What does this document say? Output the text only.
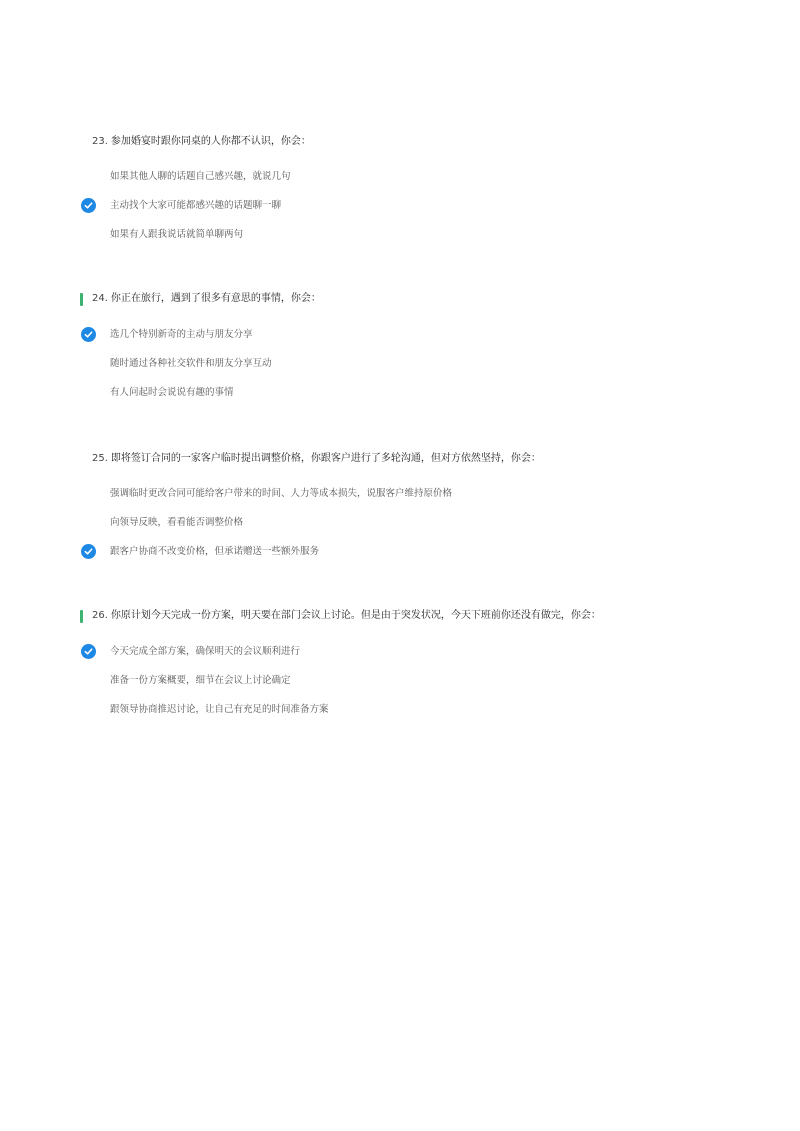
23. 参加婚宴时跟你同桌的人你都不认识，你会：
如果其他人聊的话题自己感兴趣，就说几句
主动找个大家可能都感兴趣的话题聊一聊
如果有人跟我说话就简单聊两句
24. 你正在旅行，遇到了很多有意思的事情，你会：
选几个特别新奇的主动与朋友分享
随时通过各种社交软件和朋友分享互动
有人问起时会说说有趣的事情
25. 即将签订合同的一家客户临时提出调整价格，你跟客户进行了多轮沟通，但对方依然坚持，你会：
强调临时更改合同可能给客户带来的时间、人力等成本损失，说服客户维持原价格
向领导反映，看看能否调整价格
跟客户协商不改变价格，但承诺赠送一些额外服务
26. 你原计划今天完成一份方案，明天要在部门会议上讨论。但是由于突发状况，今天下班前你还没有做完，你会：
今天完成全部方案，确保明天的会议顺利进行
准备一份方案概要，细节在会议上讨论确定
跟领导协商推迟讨论，让自己有充足的时间准备方案
